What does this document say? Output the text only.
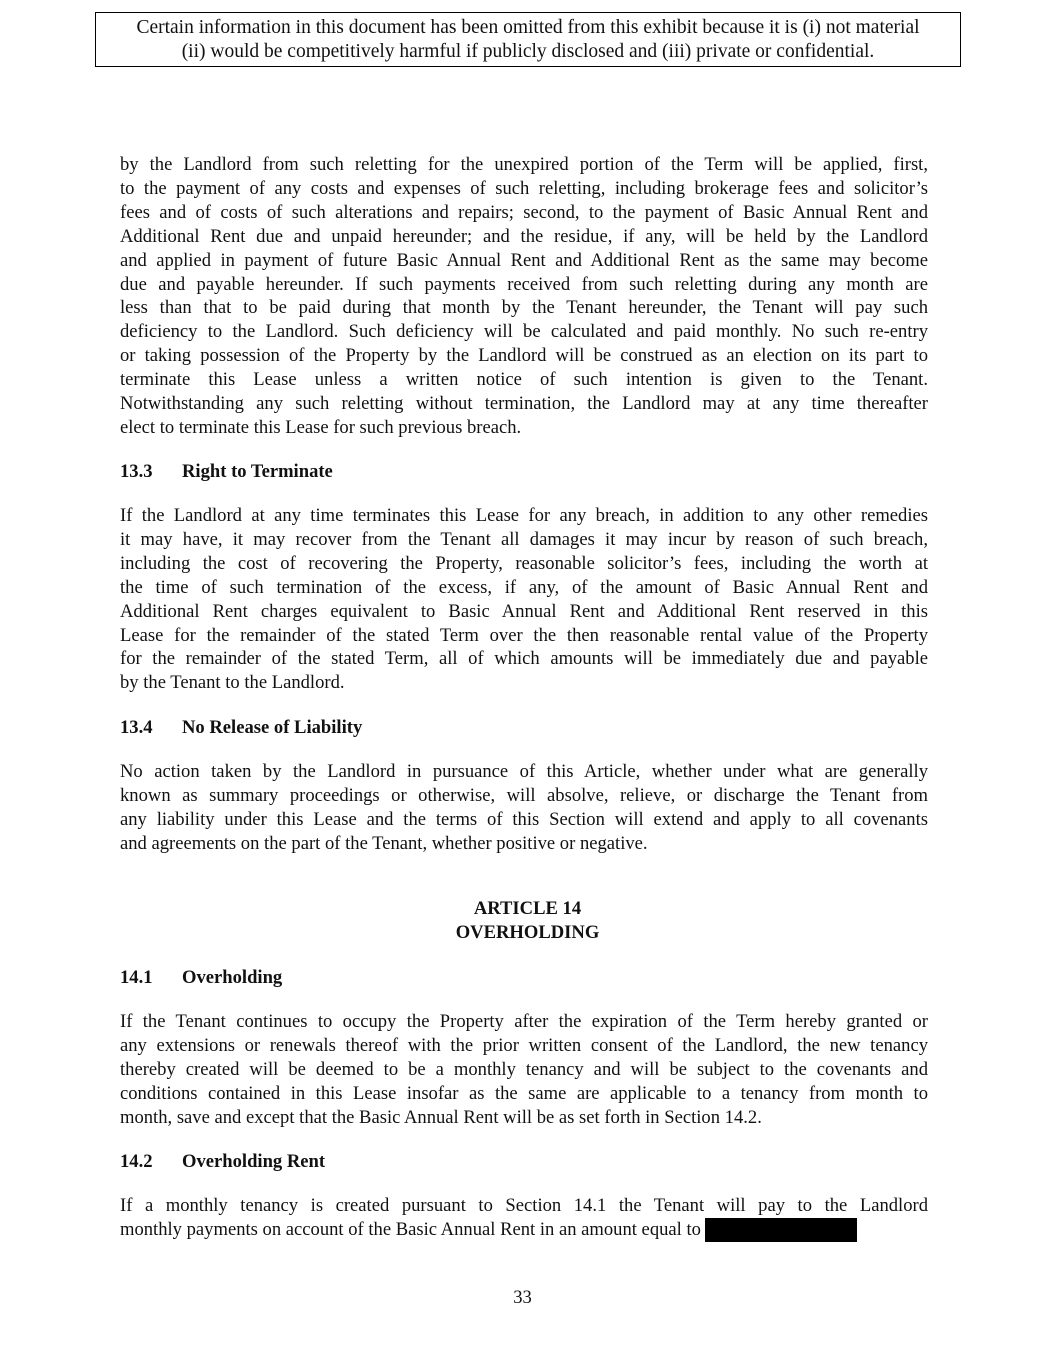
Certain information in this document has been omitted from this exhibit because it is (i) not material
(ii) would be competitively harmful if publicly disclosed and (iii) private or confidential.

by the Landlord from such reletting for the unexpired portion of the Term will be applied, first,
to the payment of any costs and expenses of such reletting, including brokerage fees and solicitor’s
fees and of costs of such alterations and repairs; second, to the payment of Basic Annual Rent and
Additional Rent due and unpaid hereunder; and the residue, if any, will be held by the Landlord
and applied in payment of future Basic Annual Rent and Additional Rent as the same may become
due and payable hereunder. If such payments received from such reletting during any month are
less than that to be paid during that month by the Tenant hereunder, the Tenant will pay such
deficiency to the Landlord. Such deficiency will be calculated and paid monthly. No such re-entry
or taking possession of the Property by the Landlord will be construed as an election on its part to
terminate this Lease unless a written notice of such intention is given to the Tenant.
Notwithstanding any such reletting without termination, the Landlord may at any time thereafter
elect to terminate this Lease for such previous breach.

13.3 Right to Terminate

If the Landlord at any time terminates this Lease for any breach, in addition to any other remedies
it may have, it may recover from the Tenant all damages it may incur by reason of such breach,
including the cost of recovering the Property, reasonable solicitor’s fees, including the worth at
the time of such termination of the excess, if any, of the amount of Basic Annual Rent and
Additional Rent charges equivalent to Basic Annual Rent and Additional Rent reserved in this
Lease for the remainder of the stated Term over the then reasonable rental value of the Property
for the remainder of the stated Term, all of which amounts will be immediately due and payable
by the Tenant to the Landlord.

13.4 No Release of Liability

No action taken by the Landlord in pursuance of this Article, whether under what are generally
known as summary proceedings or otherwise, will absolve, relieve, or discharge the Tenant from
any liability under this Lease and the terms of this Section will extend and apply to all covenants
and agreements on the part of the Tenant, whether positive or negative.

ARTICLE 14
OVERHOLDING
14.1 Overholding

If the Tenant continues to occupy the Property after the expiration of the Term hereby granted or
any extensions or renewals thereof with the prior written consent of the Landlord, the new tenancy
thereby created will be deemed to be a monthly tenancy and will be subject to the covenants and
conditions contained in this Lease insofar as the same are applicable to a tenancy from month to
month, save and except that the Basic Annual Rent will be as set forth in Section 14.2.

14.2 Overholding Rent

If a monthly tenancy is created pursuant to Section 14.1 the Tenant will pay to the Landlord
monthly payments on account of the Basic Annual Rent in an amount equal to

33
